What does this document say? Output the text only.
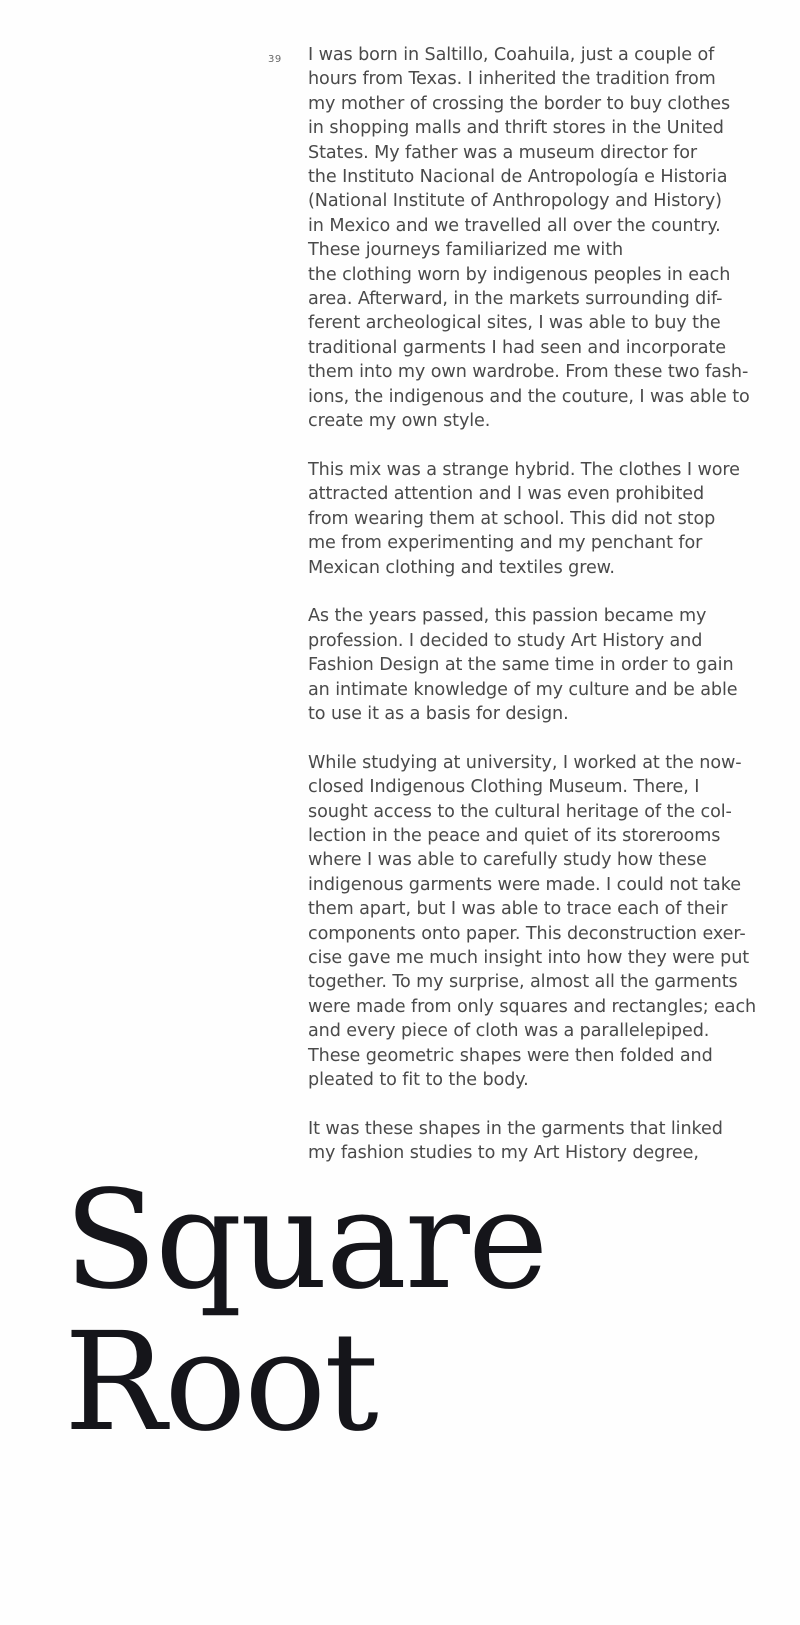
39 I was born in Saltillo, Coahuila, just a couple of
hours from Texas. I inherited the tradition from
my mother of crossing the border to buy clothes
in shopping malls and thrift stores in the United
States. My father was a museum director for
the Instituto Nacional de Antropología e Historia
(National Institute of Anthropology and History)
in Mexico and we travelled all over the country.
These journeys familiarized me with
the clothing worn by indigenous peoples in each
area. Afterward, in the markets surrounding dif-
ferent archeological sites, I was able to buy the
traditional garments I had seen and incorporate
them into my own wardrobe. From these two fash-
ions, the indigenous and the couture, I was able to
create my own style.

This mix was a strange hybrid. The clothes I wore
attracted attention and I was even prohibited
from wearing them at school. This did not stop
me from experimenting and my penchant for
Mexican clothing and textiles grew.

As the years passed, this passion became my
profession. I decided to study Art History and
Fashion Design at the same time in order to gain
an intimate knowledge of my culture and be able
to use it as a basis for design.

While studying at university, I worked at the now-
closed Indigenous Clothing Museum. There, I
sought access to the cultural heritage of the col-
lection in the peace and quiet of its storerooms
where I was able to carefully study how these
indigenous garments were made. I could not take
them apart, but I was able to trace each of their
components onto paper. This deconstruction exer-
cise gave me much insight into how they were put
together. To my surprise, almost all the garments
were made from only squares and rectangles; each
and every piece of cloth was a parallelepiped.
These geometric shapes were then folded and
pleated to fit to the body.

It was these shapes in the garments that linked
my fashion studies to my Art History degree,

Square
Root
